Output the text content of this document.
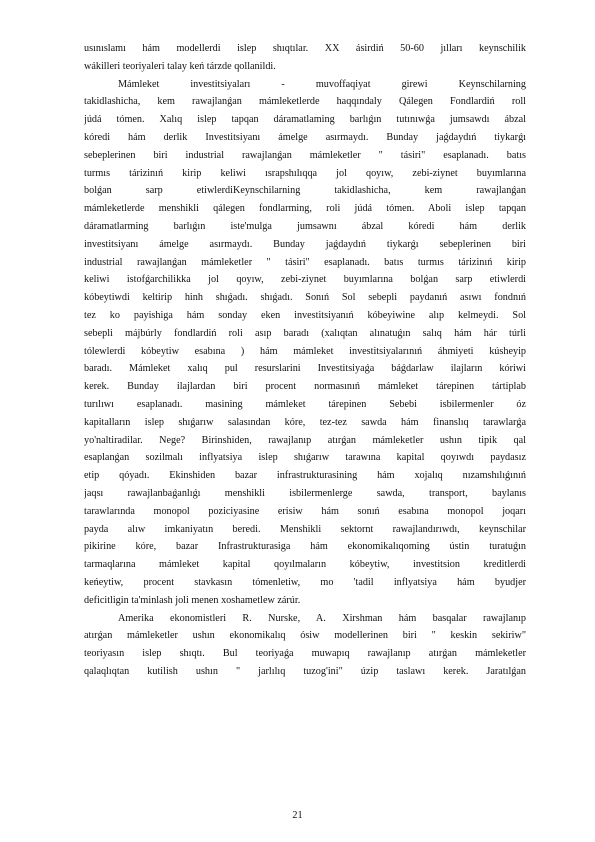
usınıslamı hám modellerdi islep shıqtılar. XX ásirdiń 50-60 jılları keynschilik
wákilleri teoriyaleri talay keń tárzde qollanildi.
Mámleket investitsiyaları - muvoffaqiyat girewi Keynschilarning
takidlashicha, kem rawajlanǵan mámleketlerde haqqındaly Qálegen Fondlardiń roll
júdá tómen. Xalıq islep tapqan dáramatlaming barlıǵın tutınıwǵa jumsawdı ábzal
kóredi hám derlik Investitsiyanı ámelge asırmaydı. Bunday jaǵdaydıń tiykarǵı
sebeplerinen biri industrial rawajlanǵan mámleketler " tásiri" esaplanadı. batıs
turmıs tárizinıń kirip keliwi ısrapshılıqqa jol qoyıw, zebi-ziynet buyımlarına
bolǵan sarp etiwlerdiKeynschilarning takidlashicha, kem rawajlanǵan
mámleketlerde menshikli qálegen fondlarming, roli júdá tómen. Aboli islep tapqan
dáramatlarming barlıǵın iste'mulga jumsawnı ábzal kóredi hám derlik
investitsiyanı ámelge asırmaydı. Bunday jaǵdaydıń tiykarǵı sebeplerinen biri
industrial rawajlanǵan mámleketler " tásiri" esaplanadı. batıs turmıs tárizinıń kirip
keliwi istofǵarchilikka jol qoyıw, zebi-ziynet buyımlarına bolǵan sarp etiwlerdi
kóbeytiwdi keltirip hinh shıǵadı. shıǵadı. Sonıń Sol sebepli paydanıń asıwı fondnıń
tez ko payishiga hám sonday eken investitsiyanıń kóbeyiwine alıp kelmeydi. Sol
sebepli májbúrly fondlardiń roli asıp baradı (xalıqtan alınatuǵın salıq hám hár túrli
tólewlerdi kóbeytiw esabına ) hám mámleket investitsiyalarınıń áhmiyeti kúsheyip
baradı. Mámleket xalıq pul resurslarini Investitsiyaǵa báǵdarlaw ilajların kóriwi
kerek. Bunday ilajlardan biri procent normasınıń mámleket tárepinen tártiplab
turılıwı esaplanadı. masining mámleket tárepinen Sebebi isbilermenler óz
kapitalların islep shıǵarıw salasından kóre, tez-tez sawda hám finanslıq tarawlarǵa
yo'naltiradilar. Nege? Birinshiden, rawajlanıp atırǵan mámleketler ushın tipik qal
esaplanǵan sozilmalı inflyatsiya islep shıǵarıw tarawına kapital qoyıwdı paydasız
etip qóyadı. Ekinshiden bazar infrastrukturasining hám xojalıq nızamshılıǵınıń
jaqsı rawajlanbaǵanlıǵı menshikli isbilermenlerge sawda, transport, baylanıs
tarawlarında monopol poziciyasine erisiw hám sonıń esabına monopol joqarı
payda alıw imkaniyatın beredi. Menshikli sektornt rawajlandırıwdı, keynschilar
pikirine kóre, bazar Infrastrukturasiga hám ekonomikalıqoming ústin turatuǵın
tarmaqlarına mámleket kapital qoyılmaların kóbeytiw, investitsion kreditlerdi
keńeytiw, procent stavkasın tómenletiw, mo 'tadil inflyatsiya hám byudjer
deficitligin ta'minlash joli menen xoshametlew zárúr.
Amerika ekonomistleri R. Nurske, A. Xirshman hám basqalar rawajlanıp
atırǵan mámleketler ushın ekonomikalıq ósiw modellerinen biri " keskin sekiriw"
teoriyasın islep shıqtı. Bul teoriyaǵa muwapıq rawajlanıp atırǵan mámleketler
qalaqlıqtan kutilish ushın " jarlılıq tuzog'ini" úzip taslawı kerek. Jaratılǵan
21
